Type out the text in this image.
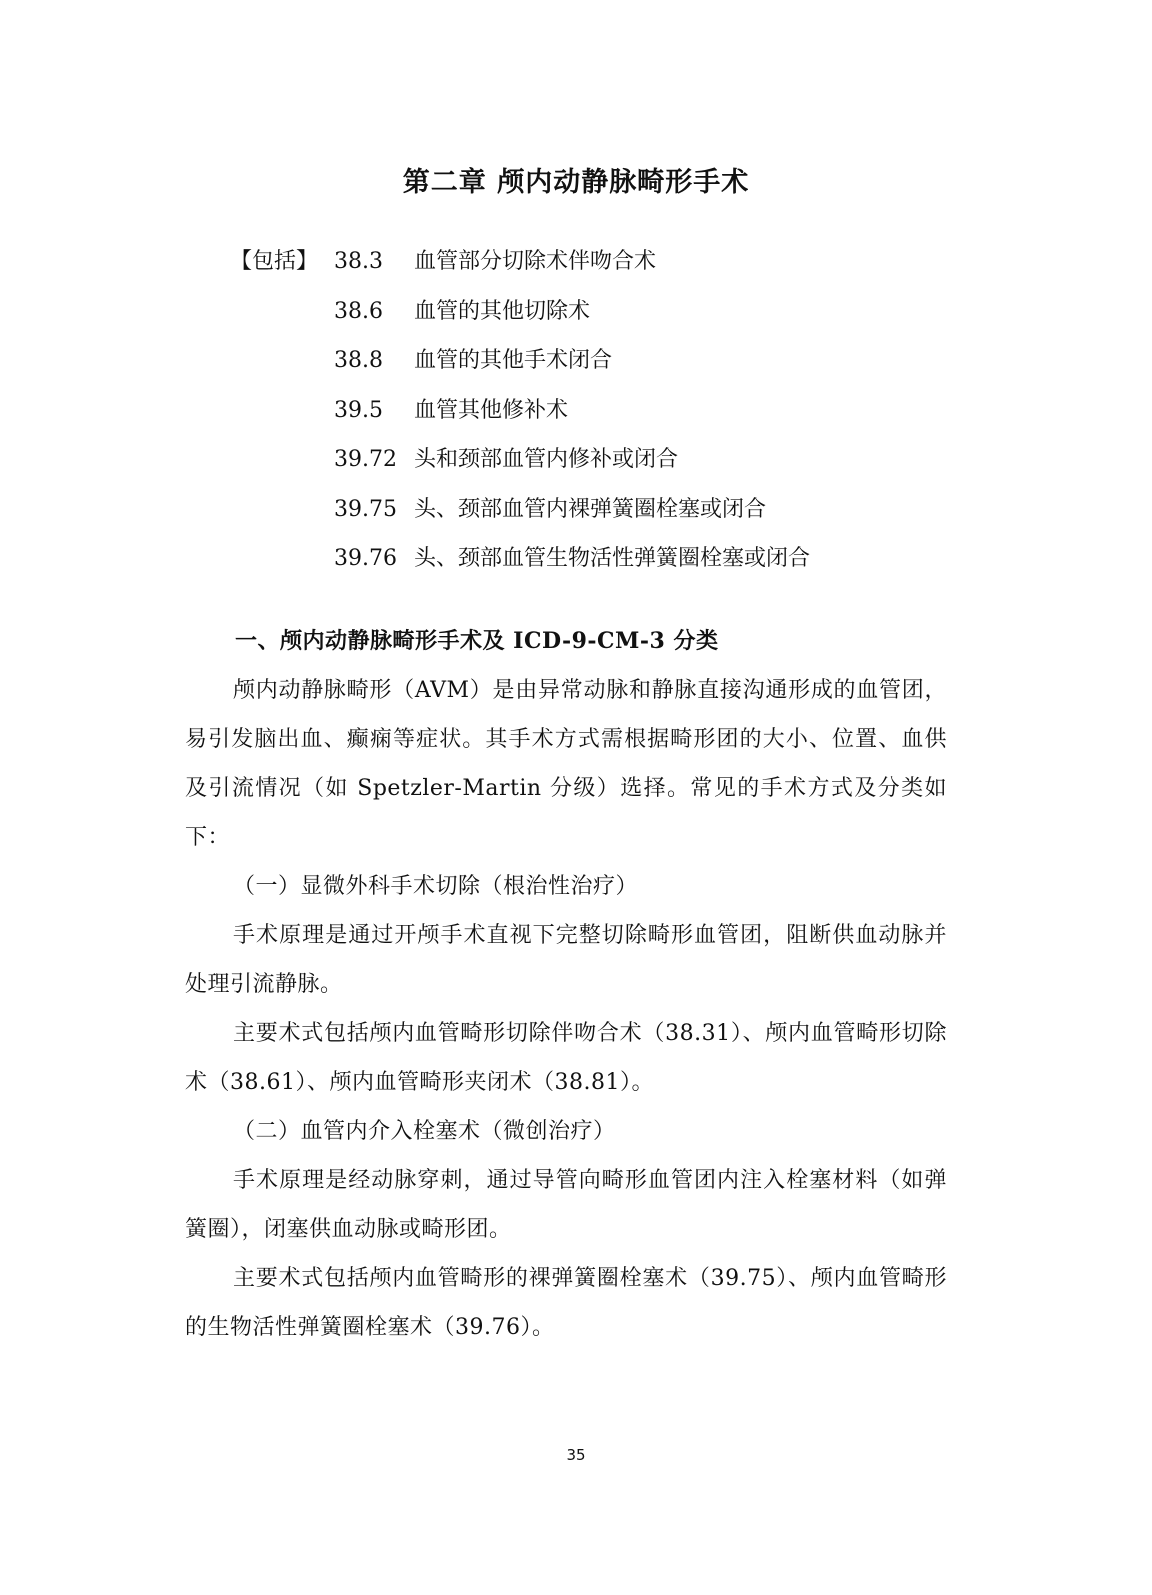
第二章 颅内动静脉畸形手术
【包括】 38.3 血管部分切除术伴吻合术
38.6 血管的其他切除术
38.8 血管的其他手术闭合
39.5 血管其他修补术
39.72 头和颈部血管内修补或闭合
39.75 头、颈部血管内裸弹簧圈栓塞或闭合
39.76 头、颈部血管生物活性弹簧圈栓塞或闭合

一、颅内动静脉畸形手术及 ICD-9-CM-3 分类

颅内动静脉畸形（AVM）是由异常动脉和静脉直接沟通形成的血管团，易引发脑出血、癫痫等症状。其手术方式需根据畸形团的大小、位置、血供及引流情况（如 Spetzler-Martin 分级）选择。常见的手术方式及分类如下：

（一）显微外科手术切除（根治性治疗）

手术原理是通过开颅手术直视下完整切除畸形血管团，阻断供血动脉并处理引流静脉。

主要术式包括颅内血管畸形切除伴吻合术（38.31）、颅内血管畸形切除术（38.61）、颅内血管畸形夹闭术（38.81）。

（二）血管内介入栓塞术（微创治疗）

手术原理是经动脉穿刺，通过导管向畸形血管团内注入栓塞材料（如弹簧圈），闭塞供血动脉或畸形团。

主要术式包括颅内血管畸形的裸弹簧圈栓塞术（39.75）、颅内血管畸形的生物活性弹簧圈栓塞术（39.76）。

35
